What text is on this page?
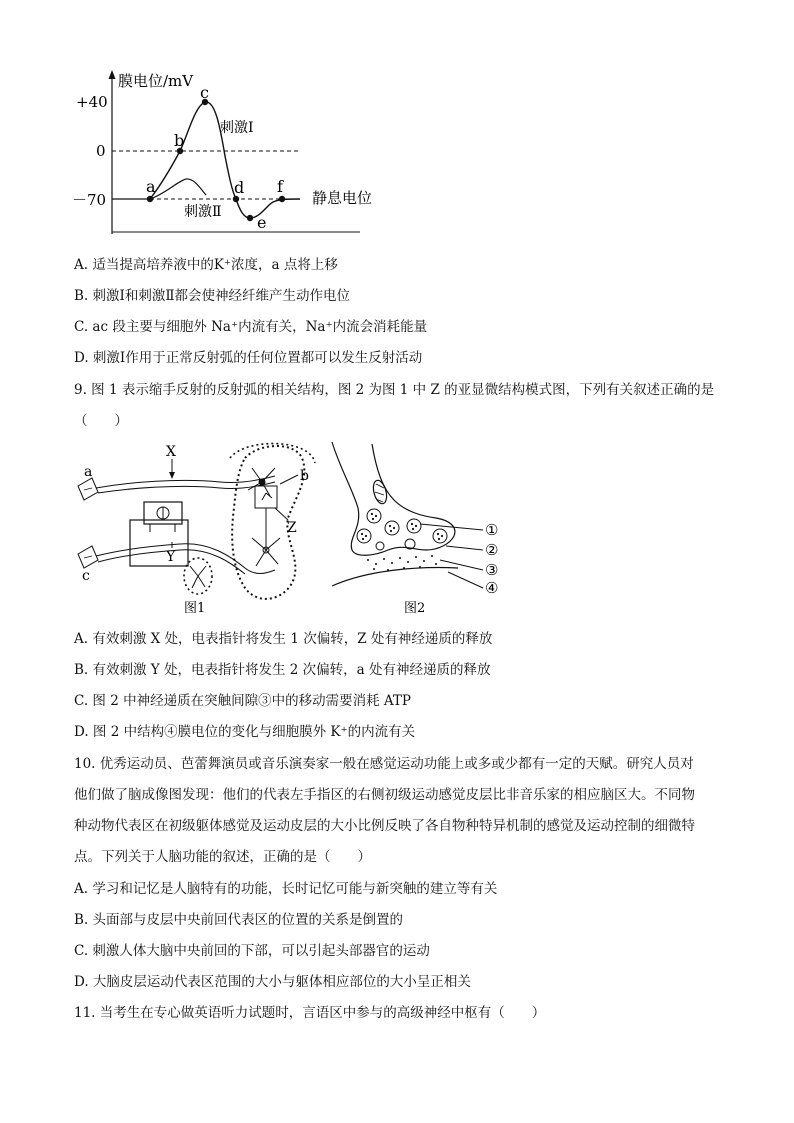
膜电位/mV
+40
0
－70
a
b
c
d
e
f
刺激Ⅰ
刺激Ⅱ
静息电位
A. 适当提高培养液中的K⁺浓度，a 点将上移
B. 刺激Ⅰ和刺激Ⅱ都会使神经纤维产生动作电位
C. ac 段主要与细胞外 Na⁺内流有关，Na⁺内流会消耗能量
D. 刺激Ⅰ作用于正常反射弧的任何位置都可以发生反射活动
9. 图 1 表示缩手反射的反射弧的相关结构，图 2 为图 1 中 Z 的亚显微结构模式图，下列有关叙述正确的是
（　　）
a
X
b
Z
c
Y
图1
①
②
③
④
图2
A. 有效刺激 X 处，电表指针将发生 1 次偏转，Z 处有神经递质的释放
B. 有效刺激 Y 处，电表指针将发生 2 次偏转，a 处有神经递质的释放
C. 图 2 中神经递质在突触间隙③中的移动需要消耗 ATP
D. 图 2 中结构④膜电位的变化与细胞膜外 K⁺的内流有关
10. 优秀运动员、芭蕾舞演员或音乐演奏家一般在感觉运动功能上或多或少都有一定的天赋。研究人员对
他们做了脑成像图发现：他们的代表左手指区的右侧初级运动感觉皮层比非音乐家的相应脑区大。不同物
种动物代表区在初级躯体感觉及运动皮层的大小比例反映了各自物种特异机制的感觉及运动控制的细微特
点。下列关于人脑功能的叙述，正确的是（　　）
A. 学习和记忆是人脑特有的功能，长时记忆可能与新突触的建立等有关
B. 头面部与皮层中央前回代表区的位置的关系是倒置的
C. 刺激人体大脑中央前回的下部，可以引起头部器官的运动
D. 大脑皮层运动代表区范围的大小与躯体相应部位的大小呈正相关
11. 当考生在专心做英语听力试题时，言语区中参与的高级神经中枢有（　　）
